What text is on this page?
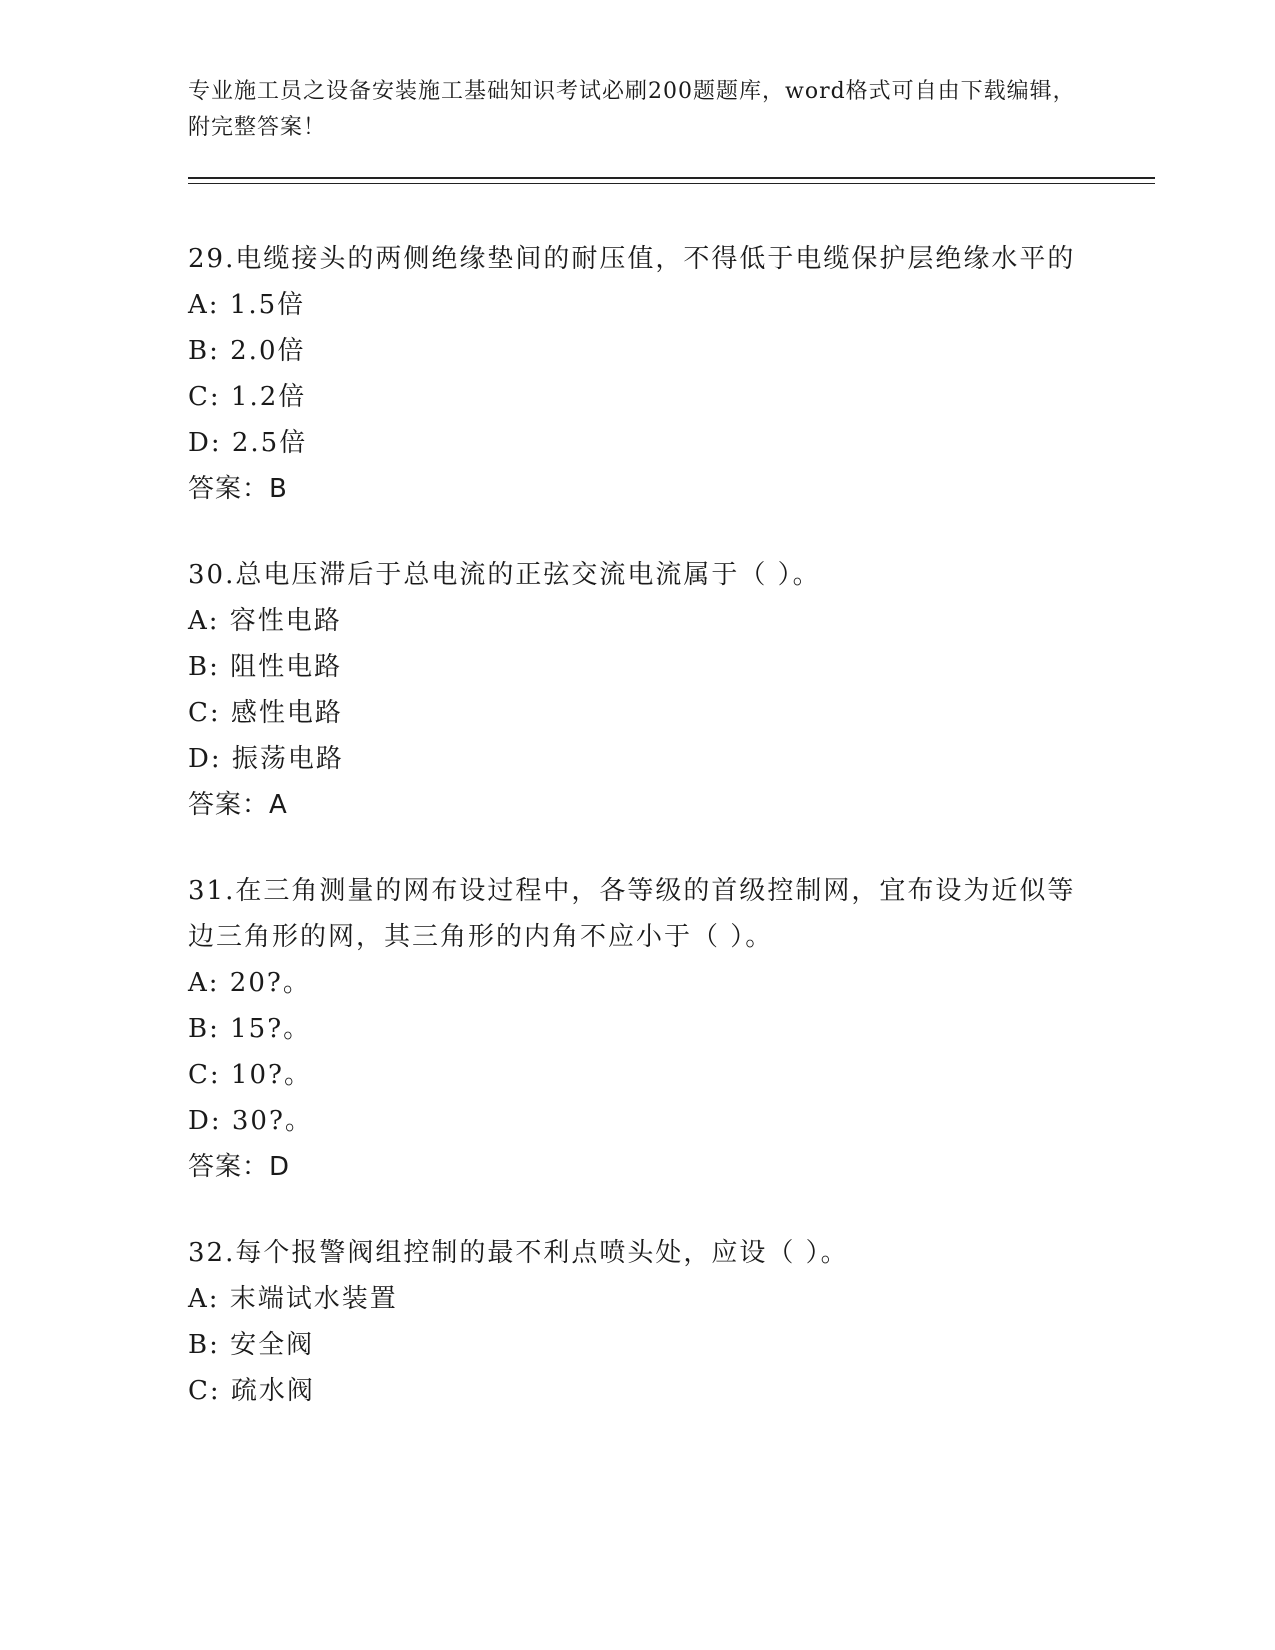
专业施工员之设备安装施工基础知识考试必刷200题题库，word格式可自由下载编辑，附完整答案！
29.电缆接头的两侧绝缘垫间的耐压值，不得低于电缆保护层绝缘水平的
A: 1.5倍
B: 2.0倍
C: 1.2倍
D: 2.5倍
答案：B
30.总电压滞后于总电流的正弦交流电流属于（ ）。
A: 容性电路
B: 阻性电路
C: 感性电路
D: 振荡电路
答案：A
31.在三角测量的网布设过程中，各等级的首级控制网，宜布设为近似等边三角形的网，其三角形的内角不应小于（ ）。
A: 20?。
B: 15?。
C: 10?。
D: 30?。
答案：D
32.每个报警阀组控制的最不利点喷头处，应设（ ）。
A: 末端试水装置
B: 安全阀
C: 疏水阀
